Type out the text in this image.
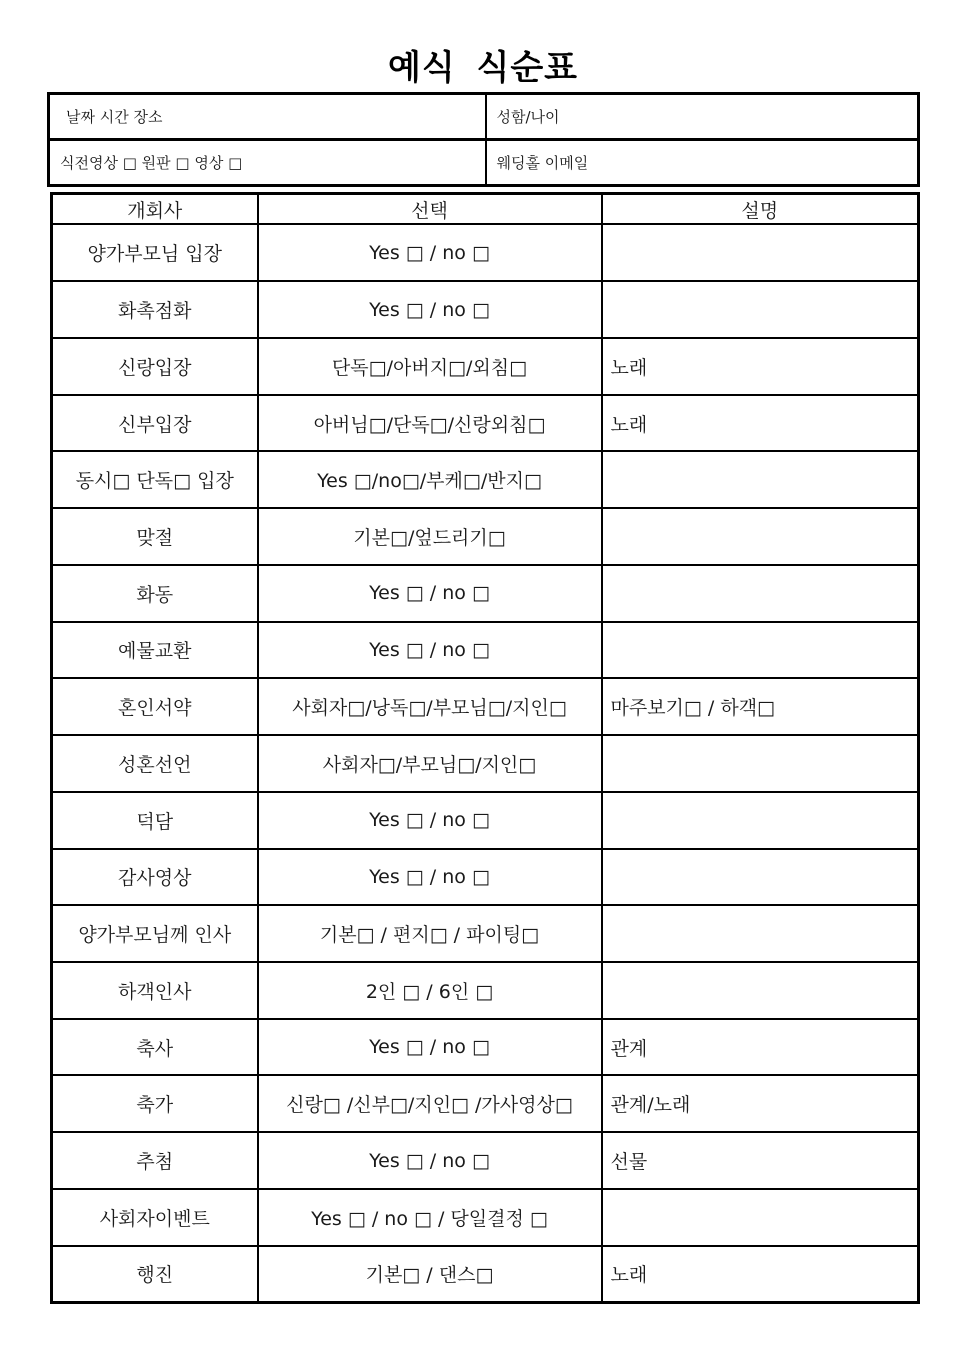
예식 식순표
날짜 시간 장소	성함/나이
식전영상 □ 원판 □ 영상 □	웨딩홀 이메일
개회사	선택	설명
양가부모님 입장	Yes □ / no □	
화촉점화	Yes □ / no □	
신랑입장	단독□/아버지□/외침□	노래
신부입장	아버님□/단독□/신랑외침□	노래
동시□ 단독□ 입장	Yes □/no□/부케□/반지□	
맞절	기본□/엎드리기□	
화동	Yes □ / no □	
예물교환	Yes □ / no □	
혼인서약	사회자□/낭독□/부모님□/지인□	마주보기□ / 하객□
성혼선언	사회자□/부모님□/지인□	
덕담	Yes □ / no □	
감사영상	Yes □ / no □	
양가부모님께 인사	기본□ / 편지□ / 파이팅□	
하객인사	2인 □ / 6인 □	
축사	Yes □ / no □	관계
축가	신랑□ /신부□/지인□ /가사영상□	관계/노래
추첨	Yes □ / no □	선물
사회자이벤트	Yes □ / no □ / 당일결정 □	
행진	기본□ / 댄스□	노래
